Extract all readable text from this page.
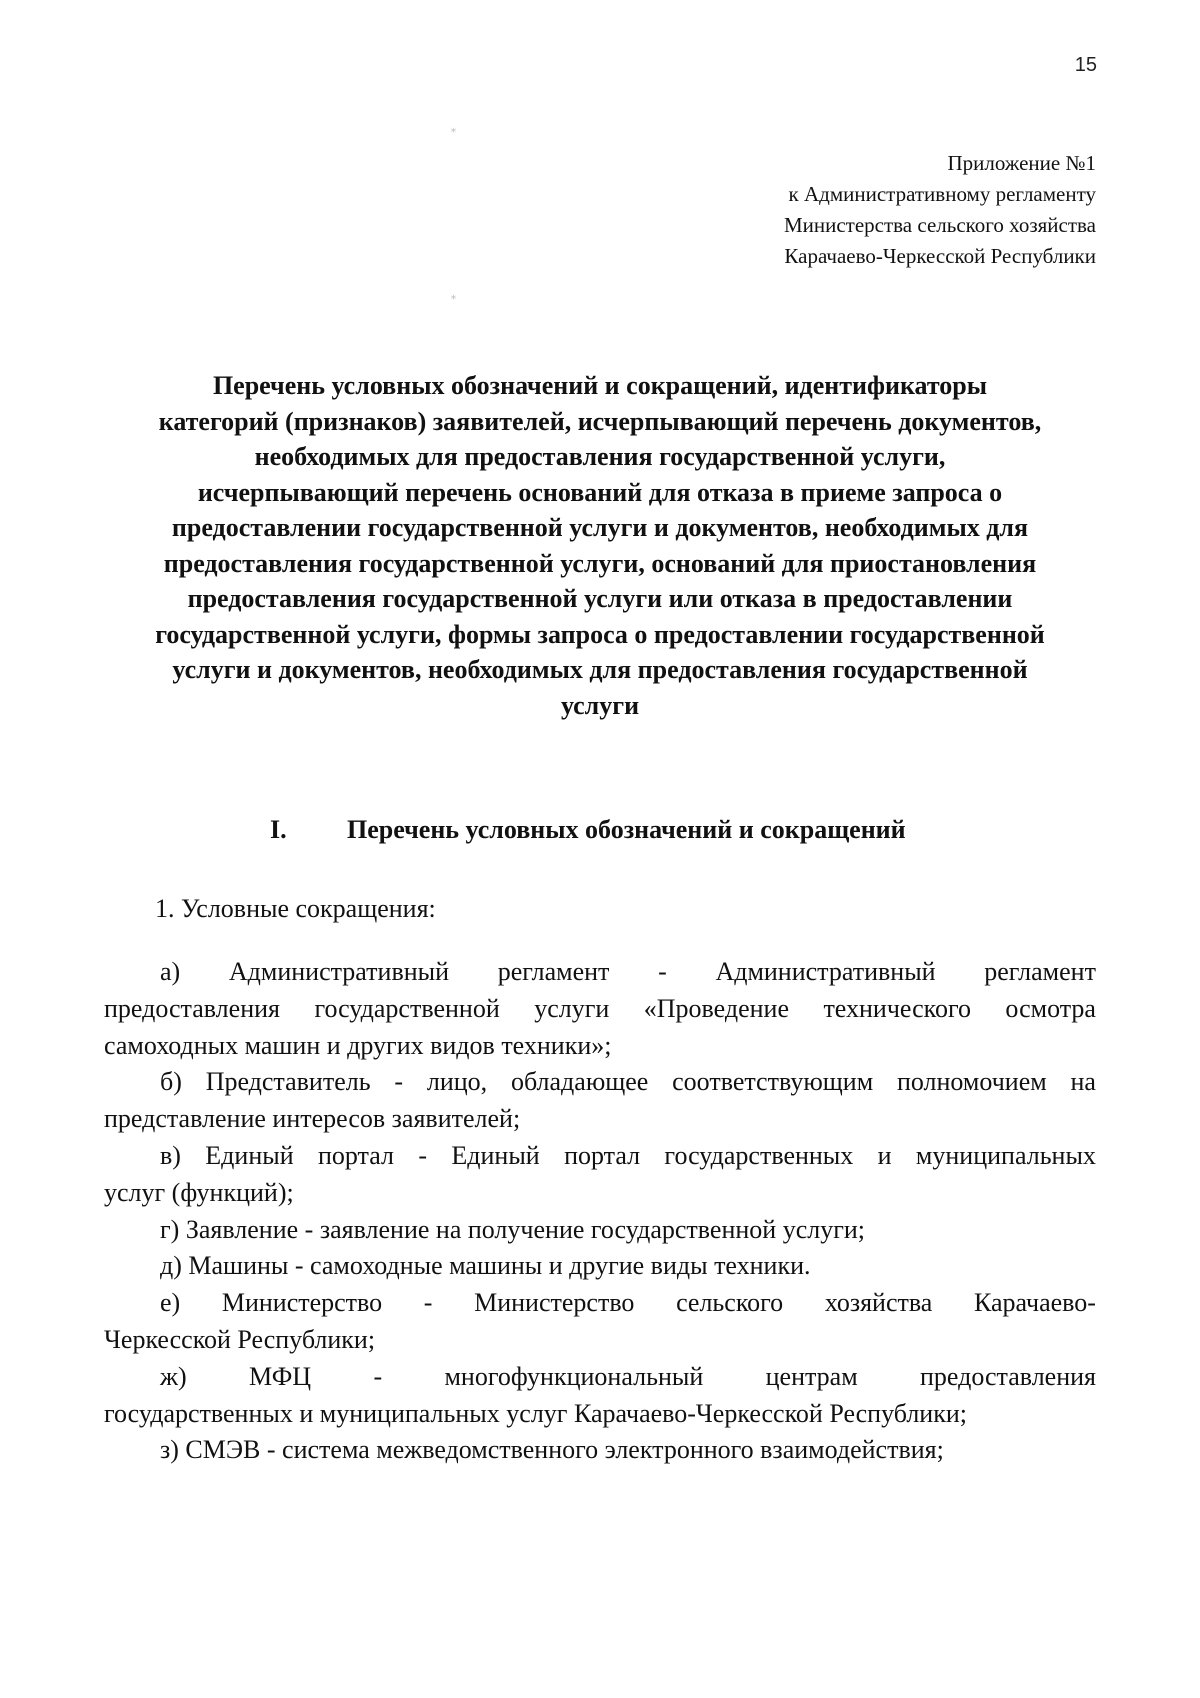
15
⁎
⁎
Приложение №1
к Административному регламенту
Министерства сельского хозяйства
Карачаево-Черкесской Республики
Перечень условных обозначений и сокращений, идентификаторы
категорий (признаков) заявителей, исчерпывающий перечень документов,
необходимых для предоставления государственной услуги,
исчерпывающий перечень оснований для отказа в приеме запроса о
предоставлении государственной услуги и документов, необходимых для
предоставления государственной услуги, оснований для приостановления
предоставления государственной услуги или отказа в предоставлении
государственной услуги, формы запроса о предоставлении государственной
услуги и документов, необходимых для предоставления государственной
услуги
I. Перечень условных обозначений и сокращений
1. Условные сокращения:
а) Административный регламент - Административный регламент
предоставления государственной услуги «Проведение технического осмотра
самоходных машин и других видов техники»;
б) Представитель - лицо, обладающее соответствующим полномочием на
представление интересов заявителей;
в) Единый портал - Единый портал государственных и муниципальных
услуг (функций);
г) Заявление - заявление на получение государственной услуги;
д) Машины - самоходные машины и другие виды техники.
е) Министерство - Министерство сельского хозяйства Карачаево-
Черкесской Республики;
ж) МФЦ - многофункциональный центрам предоставления
государственных и муниципальных услуг Карачаево-Черкесской Республики;
з) СМЭВ - система межведомственного электронного взаимодействия;
